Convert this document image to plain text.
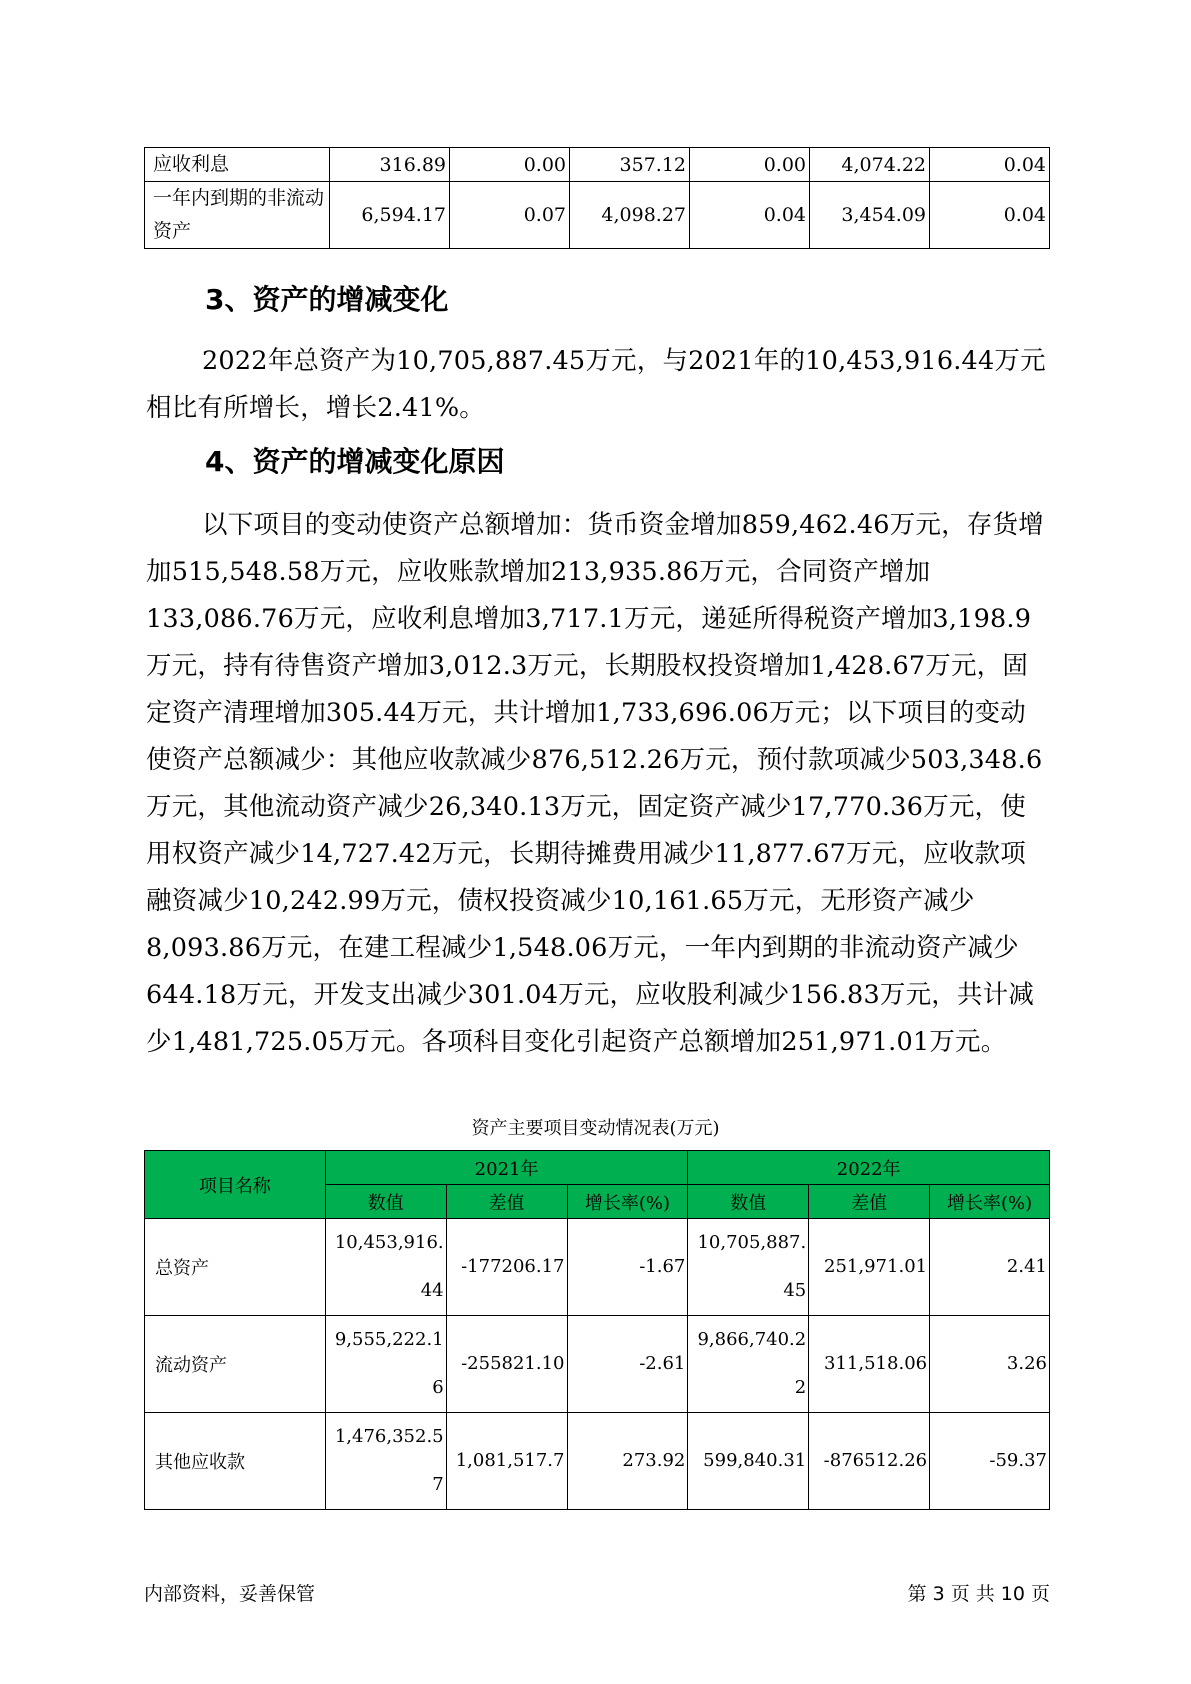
应收利息	316.89	0.00	357.12	0.00	4,074.22	0.04
一年内到期的非流动资产	6,594.17	0.07	4,098.27	0.04	3,454.09	0.04
3、资产的增减变化

2022年总资产为10,705,887.45万元，与2021年的10,453,916.44万元相比有所增长，增长2.41%。

4、资产的增减变化原因

以下项目的变动使资产总额增加：货币资金增加859,462.46万元，存货增加515,548.58万元，应收账款增加213,935.86万元，合同资产增加133,086.76万元，应收利息增加3,717.1万元，递延所得税资产增加3,198.9万元，持有待售资产增加3,012.3万元，长期股权投资增加1,428.67万元，固定资产清理增加305.44万元，共计增加1,733,696.06万元；以下项目的变动使资产总额减少：其他应收款减少876,512.26万元，预付款项减少503,348.6万元，其他流动资产减少26,340.13万元，固定资产减少17,770.36万元，使用权资产减少14,727.42万元，长期待摊费用减少11,877.67万元，应收款项融资减少10,242.99万元，债权投资减少10,161.65万元，无形资产减少8,093.86万元，在建工程减少1,548.06万元，一年内到期的非流动资产减少644.18万元，开发支出减少301.04万元，应收股利减少156.83万元，共计减少1,481,725.05万元。各项科目变化引起资产总额增加251,971.01万元。

资产主要项目变动情况表(万元)
项目名称	2021年			2022年		
	数值	差值	增长率(%)	数值	差值	增长率(%)
总资产	10,453,916.44	-177206.17	-1.67	10,705,887.45	251,971.01	2.41
流动资产	9,555,222.16	-255821.10	-2.61	9,866,740.22	311,518.06	3.26
其他应收款	1,476,352.57	1,081,517.7	273.92	599,840.31	-876512.26	-59.37
内部资料，妥善保管	第 3 页 共 10 页
